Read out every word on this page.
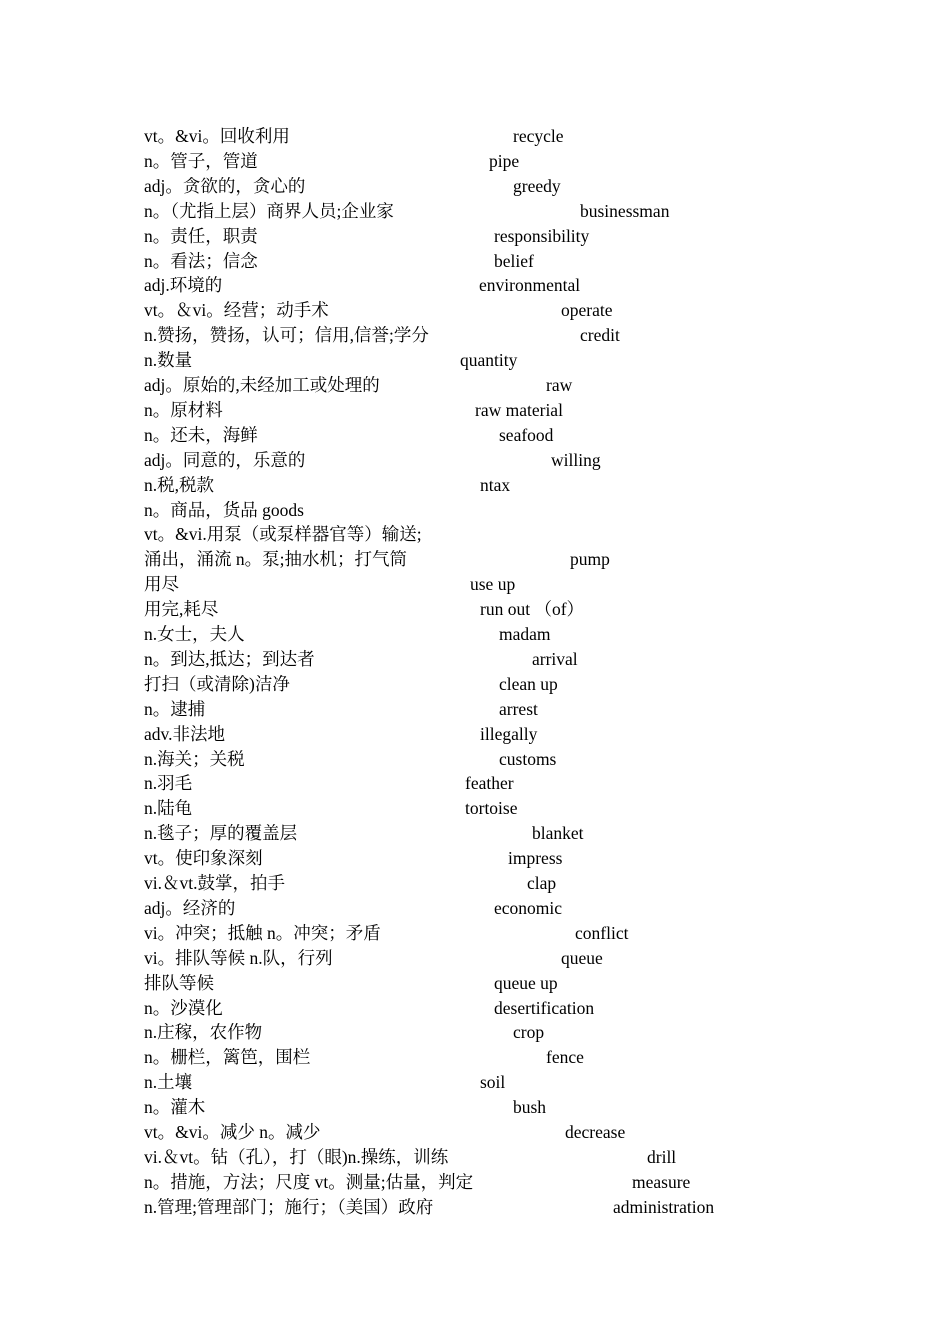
vt。&vi。回收利用	recycle
n。管子，管道	pipe
adj。贪欲的，贪心的	greedy
n。（尤指上层）商界人员;企业家	businessman
n。责任，职责	responsibility
n。看法；信念	belief
adj.环境的	environmental
vt。＆vi。经营；动手术	operate
n.赞扬，赞扬，认可；信用,信誉;学分	credit
n.数量	quantity
adj。原始的,未经加工或处理的	raw
n。原材料	raw material
n。还未，海鲜	seafood
adj。同意的，乐意的	willing
n.税,税款	ntax
n。商品，货品 goods
vt。&vi.用泵（或泵样器官等）输送;
涌出，涌流 n。泵;抽水机；打气筒	pump
用尽	use up
用完,耗尽	run out （of）
n.女士，夫人	madam
n。到达,抵达；到达者	arrival
打扫（或清除)洁净	clean up
n。逮捕	arrest
adv.非法地	illegally
n.海关；关税	customs
n.羽毛	feather
n.陆龟	tortoise
n.毯子；厚的覆盖层	blanket
vt。使印象深刻	impress
vi.＆vt.鼓掌，拍手	clap
adj。经济的	economic
vi。冲突；抵触 n。冲突；矛盾	conflict
vi。排队等候 n.队，行列	queue
排队等候	queue up
n。沙漠化	desertification
n.庄稼，农作物	crop
n。栅栏，篱笆，围栏	fence
n.土壤	soil
n。灌木	bush
vt。&vi。减少 n。减少	decrease
vi.＆vt。钻（孔），打（眼)n.操练，训练	drill
n。措施，方法；尺度 vt。测量;估量，判定	measure
n.管理;管理部门；施行；（美国）政府	administration
